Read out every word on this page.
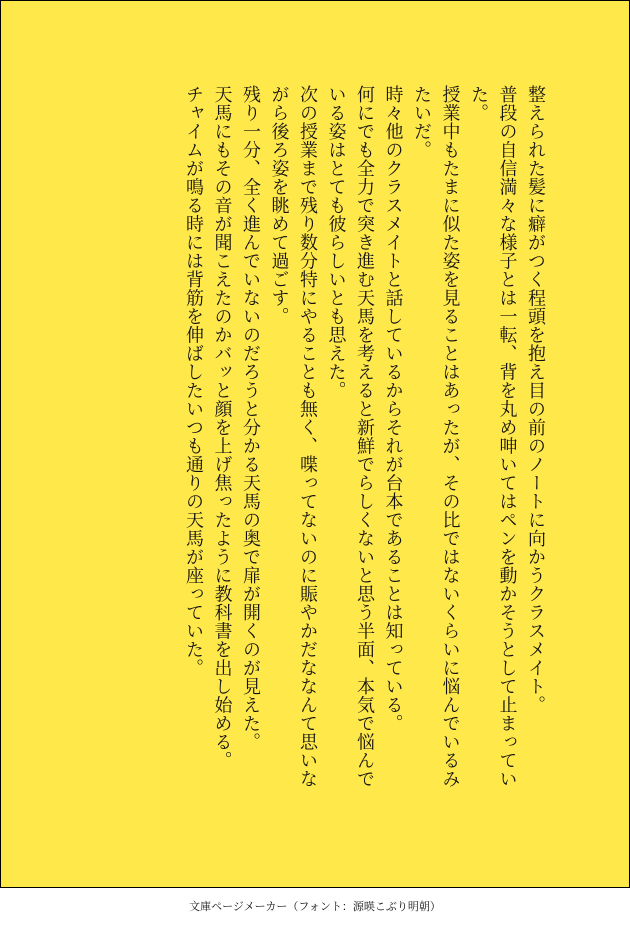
整えられた髪に癖がつく程頭を抱え目の前のノートに向かうクラスメイト。

普段の自信満々な様子とは一転、背を丸め呻いてはペンを動かそうとして止まっていた。

授業中もたまに似た姿を見ることはあったが、その比ではないくらいに悩んでいるみたいだ。

時々他のクラスメイトと話しているからそれが台本であることは知っている。

何にでも全力で突き進む天馬を考えると新鮮でらしくないと思う半面、本気で悩んでいる姿はとても彼らしいとも思えた。

次の授業まで残り数分特にやることも無く、喋ってないのに賑やかだななんて思いながら後ろ姿を眺めて過ごす。

残り一分、全く進んでいないのだろうと分かる天馬の奥で扉が開くのが見えた。

天馬にもその音が聞こえたのかバッと顔を上げ焦ったように教科書を出し始める。

チャイムが鳴る時には背筋を伸ばしたいつも通りの天馬が座っていた。

文庫ページメーカー（フォント：源暎こぶり明朝）
